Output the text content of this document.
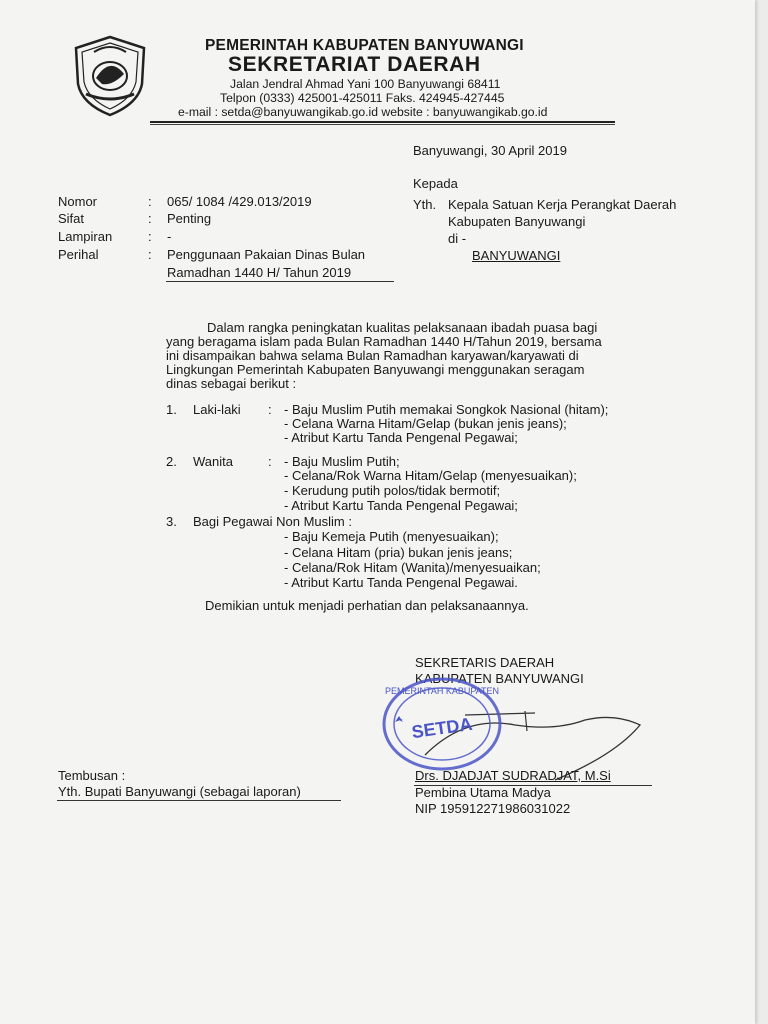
PEMERINTAH KABUPATEN BANYUWANGI
SEKRETARIAT DAERAH
Jalan Jendral Ahmad Yani 100 Banyuwangi 68411
Telpon (0333) 425001-425011 Faks. 424945-427445
e-mail : setda@banyuwangikab.go.id website : banyuwangikab.go.id
Banyuwangi, 30 April 2019
Kepada
Yth. Kepala Satuan Kerja Perangkat Daerah
Kabupaten Banyuwangi
di -
BANYUWANGI
Nomor	: 065/ 1084 /429.013/2019
Sifat	: Penting
Lampiran	: -
Perihal	: Penggunaan Pakaian Dinas Bulan
Ramadhan 1440 H/ Tahun 2019
Dalam rangka peningkatan kualitas pelaksanaan ibadah puasa bagi
yang beragama islam pada Bulan Ramadhan 1440 H/Tahun 2019, bersama
ini disampaikan bahwa selama Bulan Ramadhan karyawan/karyawati di
Lingkungan Pemerintah Kabupaten Banyuwangi menggunakan seragam
dinas sebagai berikut :
1. Laki-laki : - Baju Muslim Putih memakai Songkok Nasional (hitam);
- Celana Warna Hitam/Gelap (bukan jenis jeans);
- Atribut Kartu Tanda Pengenal Pegawai;
2. Wanita	: - Baju Muslim Putih;
- Celana/Rok Warna Hitam/Gelap (menyesuaikan);
- Kerudung putih polos/tidak bermotif;
- Atribut Kartu Tanda Pengenal Pegawai;
3. Bagi Pegawai Non Muslim :
- Baju Kemeja Putih (menyesuaikan);
- Celana Hitam (pria) bukan jenis jeans;
- Celana/Rok Hitam (Wanita)/menyesuaikan;
- Atribut Kartu Tanda Pengenal Pegawai.
Demikian untuk menjadi perhatian dan pelaksanaannya.
SEKRETARIS DAERAH
KABUPATEN BANYUWANGI
PEMERINTAH KABUPATEN
SETDA
Drs. DJADJAT SUDRADJAT, M.Si
Pembina Utama Madya
NIP 195912271986031022
Tembusan :
Yth. Bupati Banyuwangi (sebagai laporan)
